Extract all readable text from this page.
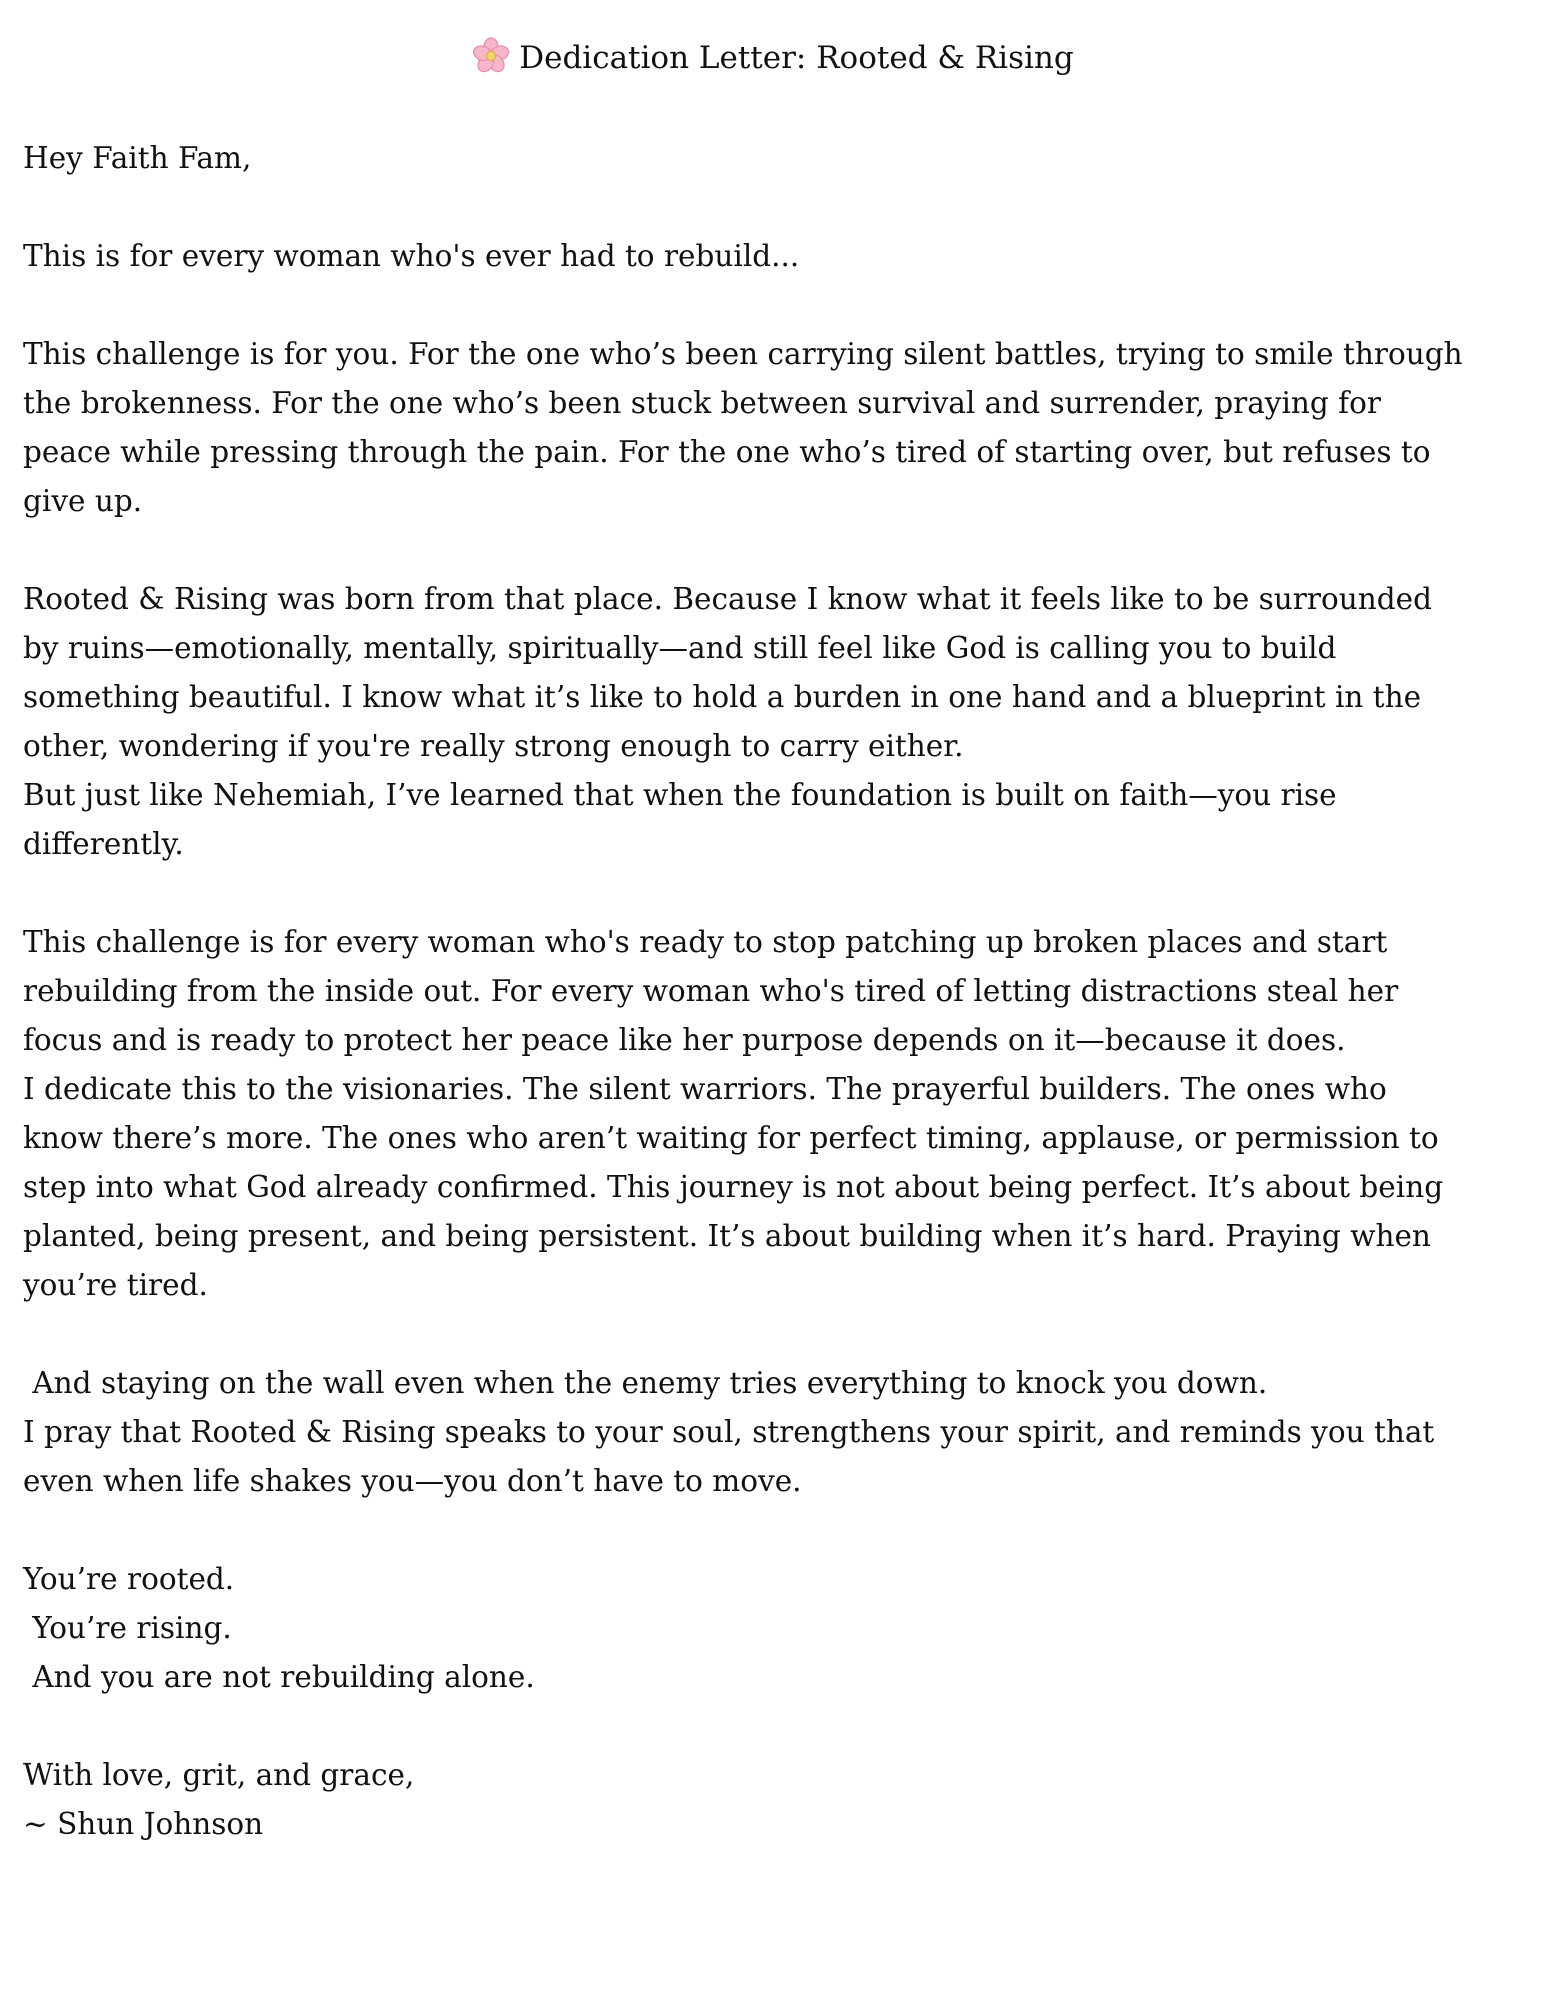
Dedication Letter: Rooted & Rising
Hey Faith Fam,
This is for every woman who's ever had to rebuild...
This challenge is for you. For the one who’s been carrying silent battles, trying to smile through
the brokenness. For the one who’s been stuck between survival and surrender, praying for
peace while pressing through the pain. For the one who’s tired of starting over, but refuses to
give up.
Rooted & Rising was born from that place. Because I know what it feels like to be surrounded
by ruins—emotionally, mentally, spiritually—and still feel like God is calling you to build
something beautiful. I know what it’s like to hold a burden in one hand and a blueprint in the
other, wondering if you're really strong enough to carry either.
But just like Nehemiah, I’ve learned that when the foundation is built on faith—you rise
differently.
This challenge is for every woman who's ready to stop patching up broken places and start
rebuilding from the inside out. For every woman who's tired of letting distractions steal her
focus and is ready to protect her peace like her purpose depends on it—because it does.
I dedicate this to the visionaries. The silent warriors. The prayerful builders. The ones who
know there’s more. The ones who aren’t waiting for perfect timing, applause, or permission to
step into what God already confirmed. This journey is not about being perfect. It’s about being
planted, being present, and being persistent. It’s about building when it’s hard. Praying when
you’re tired.
And staying on the wall even when the enemy tries everything to knock you down.
I pray that Rooted & Rising speaks to your soul, strengthens your spirit, and reminds you that
even when life shakes you—you don’t have to move.
You’re rooted.
You’re rising.
And you are not rebuilding alone.
With love, grit, and grace,
~ Shun Johnson
